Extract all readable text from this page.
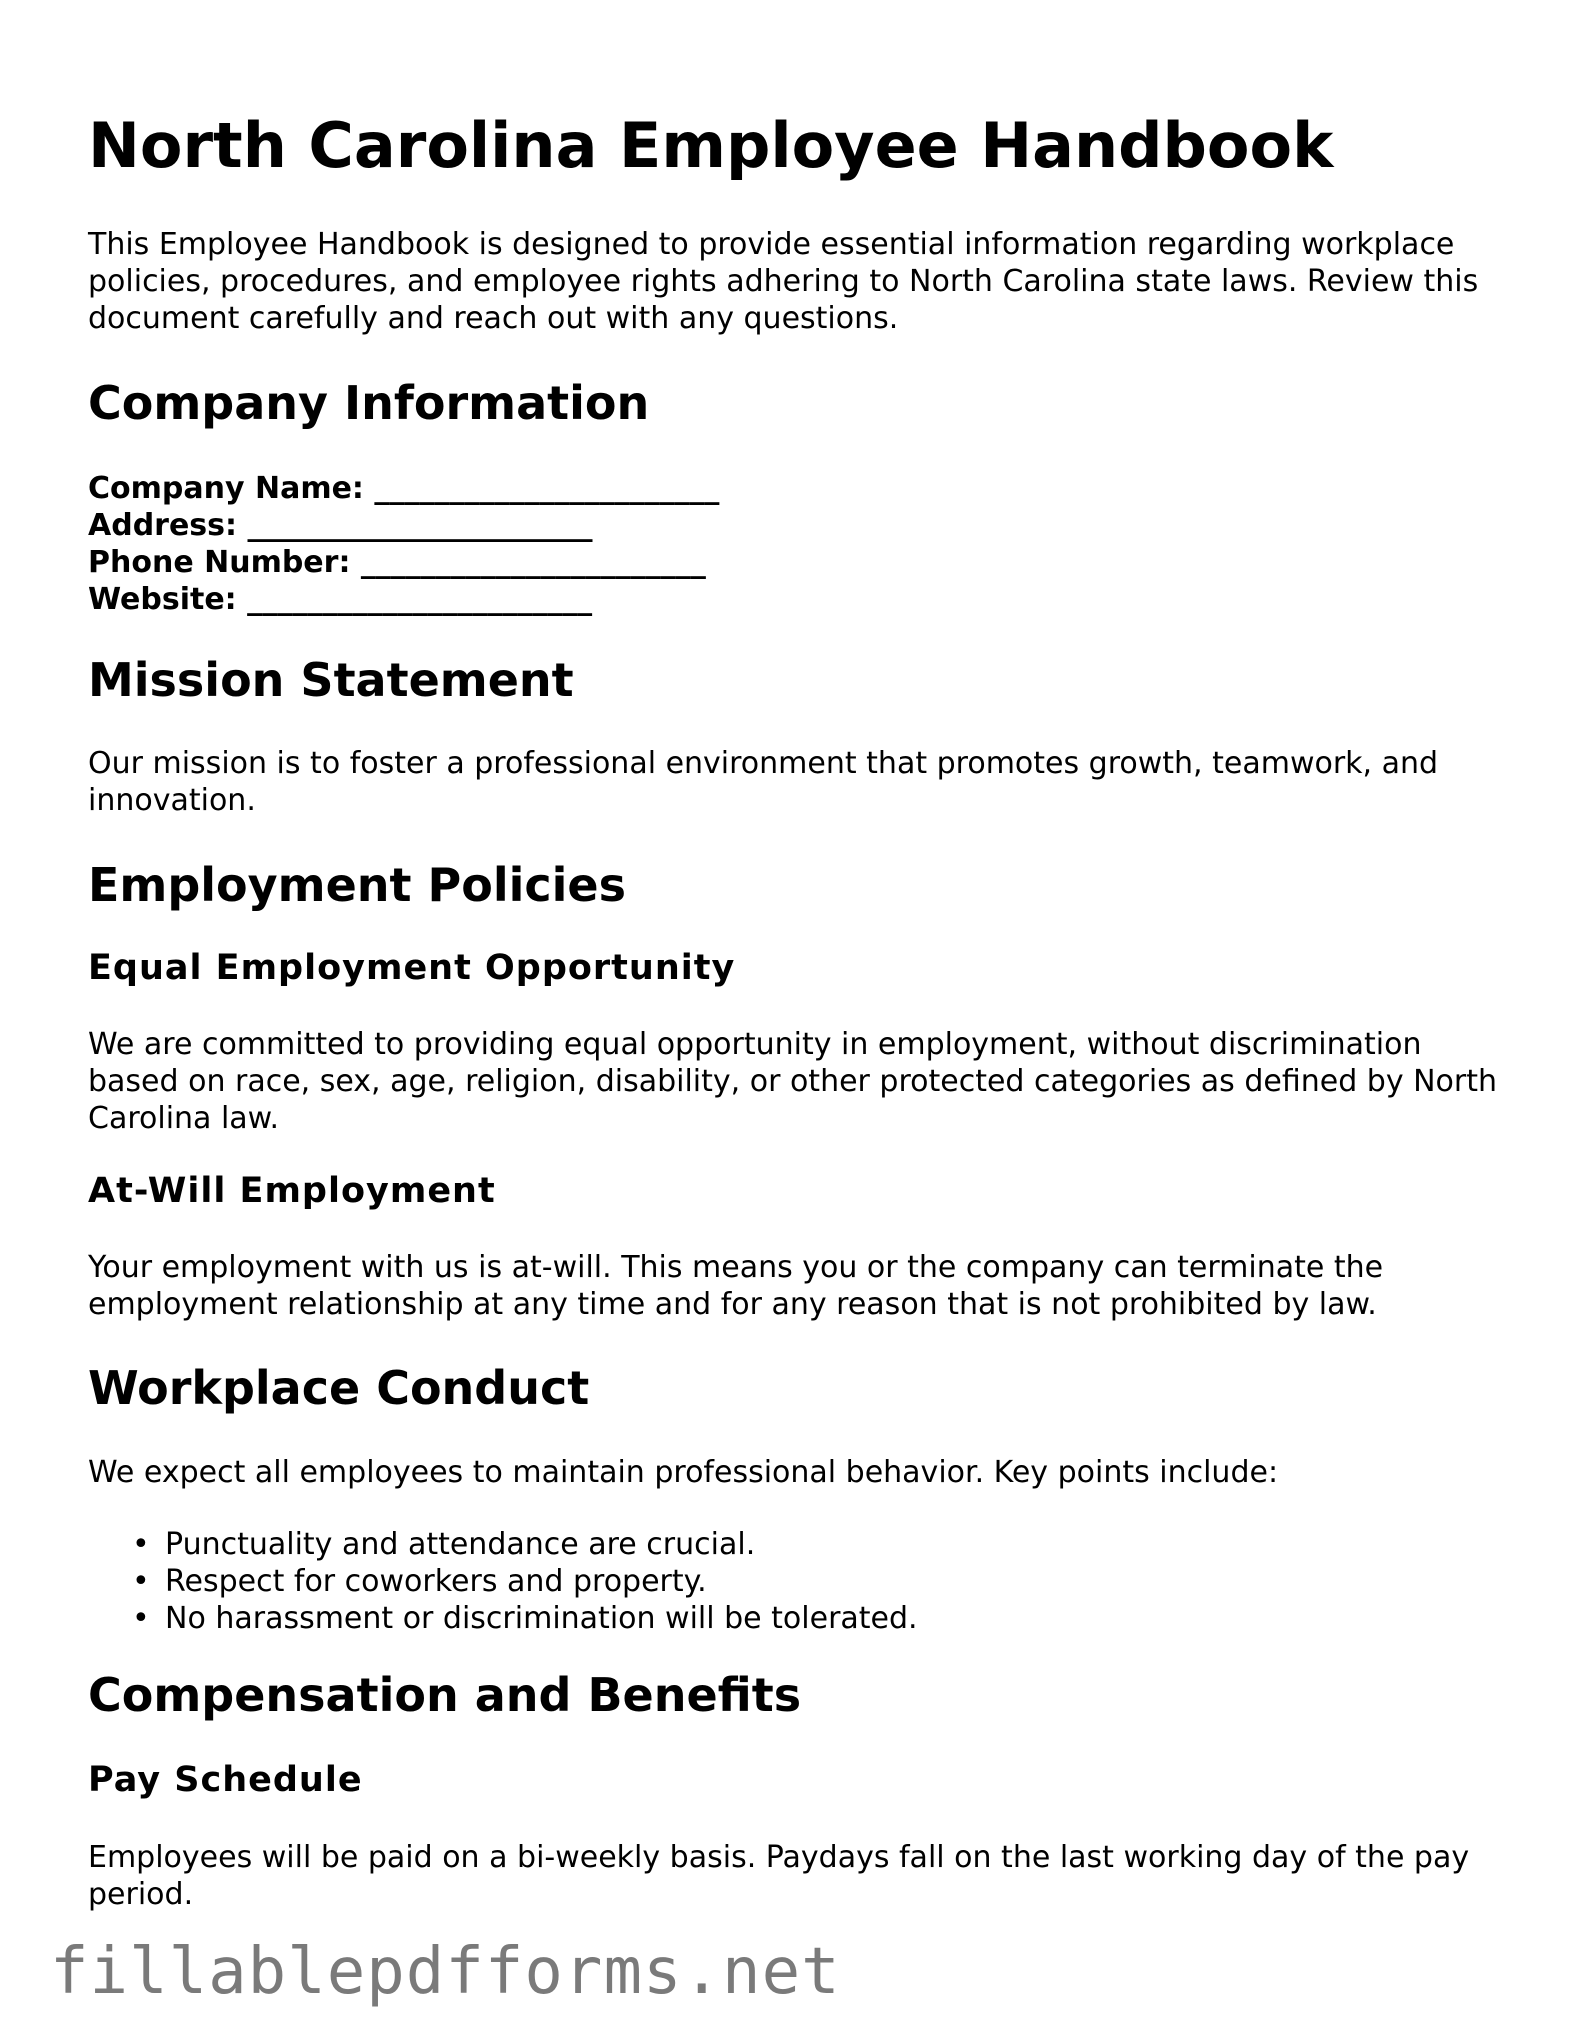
North Carolina Employee Handbook

This Employee Handbook is designed to provide essential information regarding workplace policies, procedures, and employee rights adhering to North Carolina state laws. Review this document carefully and reach out with any questions.

Company Information
Company Name: _______________________
Address: _______________________
Phone Number: _______________________
Website: _______________________
Mission Statement

Our mission is to foster a professional environment that promotes growth, teamwork, and innovation.

Employment Policies
Equal Employment Opportunity

We are committed to providing equal opportunity in employment, without discrimination based on race, sex, age, religion, disability, or other protected categories as defined by North Carolina law.

At-Will Employment

Your employment with us is at-will. This means you or the company can terminate the employment relationship at any time and for any reason that is not prohibited by law.

Workplace Conduct

We expect all employees to maintain professional behavior. Key points include:

• Punctuality and attendance are crucial.
• Respect for coworkers and property.
• No harassment or discrimination will be tolerated.
Compensation and Benefits
Pay Schedule

Employees will be paid on a bi-weekly basis. Paydays fall on the last working day of the pay period.

fillablepdfforms.net
